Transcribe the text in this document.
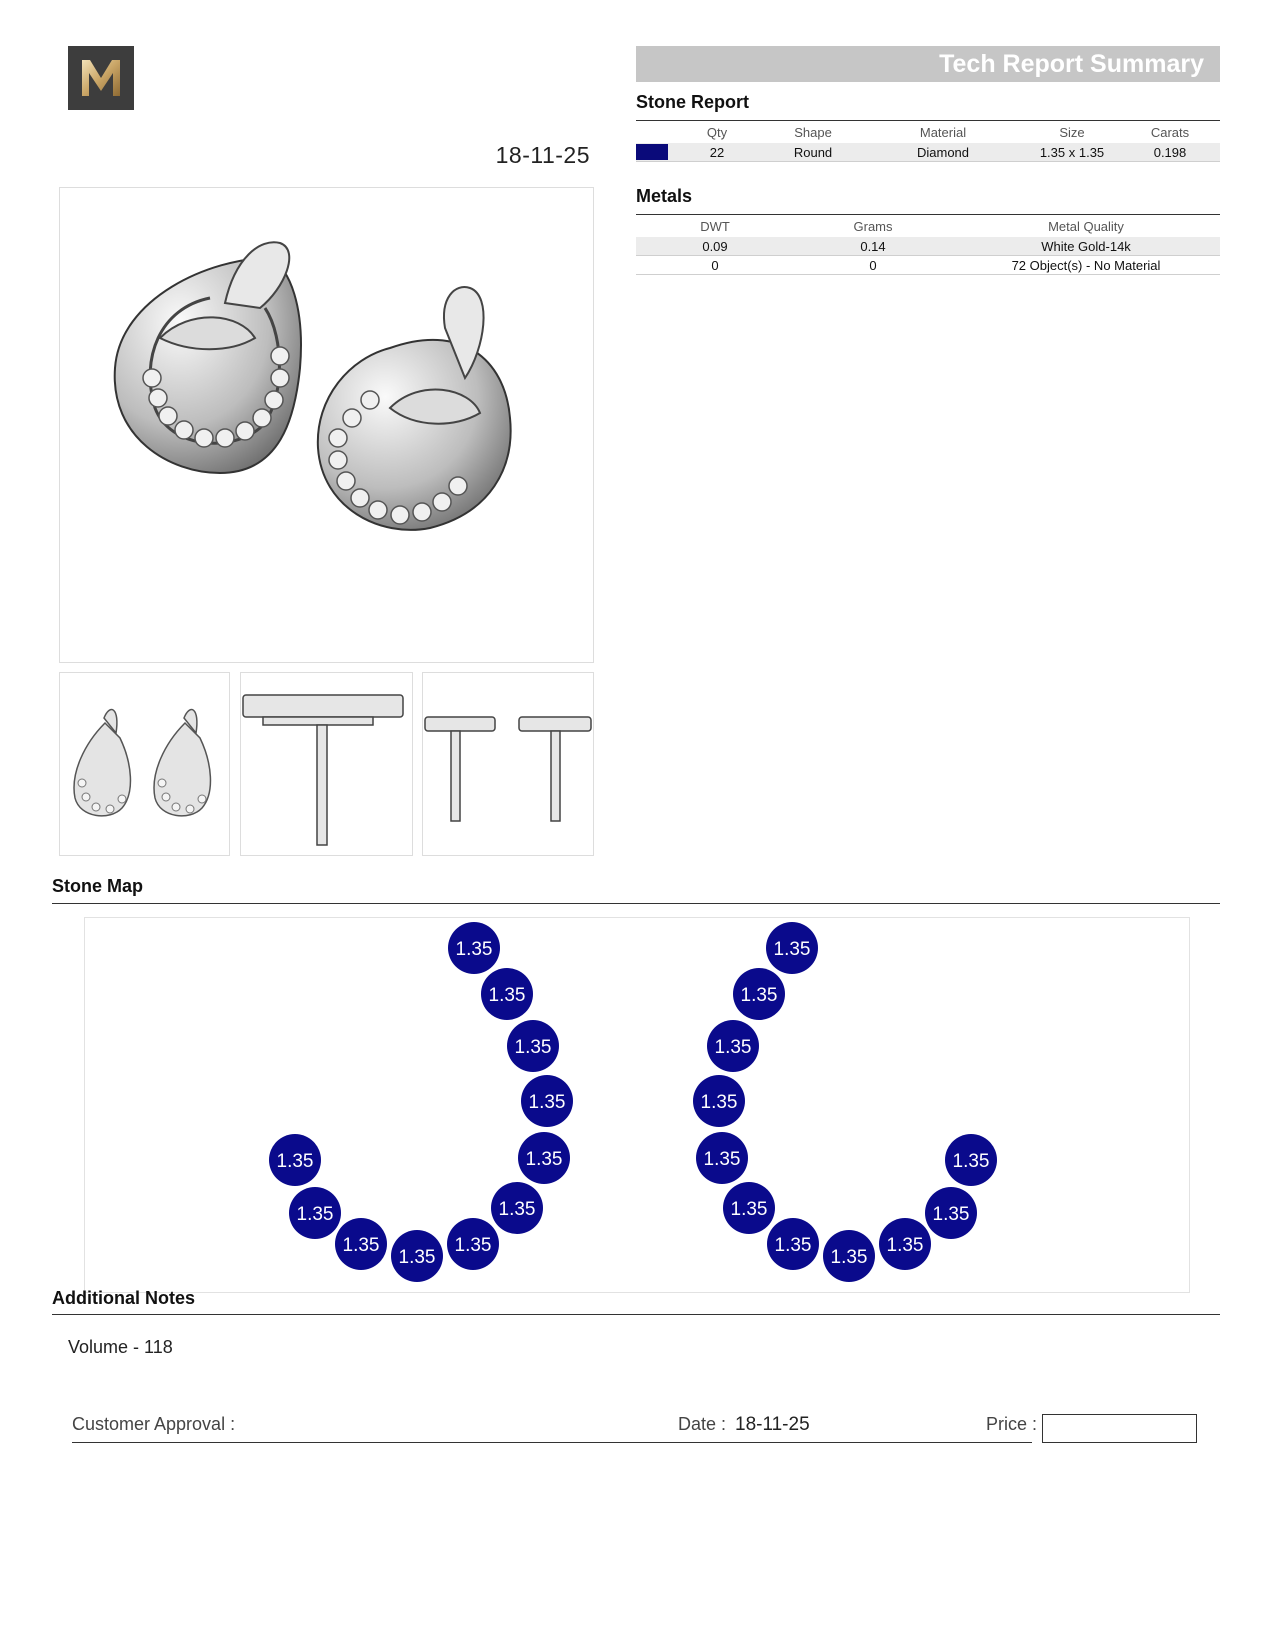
18-11-25
Tech Report Summary
Stone Report
Qty	Shape	Material	Size	Carats
22	Round	Diamond	1.35 x 1.35	0.198
Metals
DWT	Grams	Metal Quality
0.09	0.14	White Gold-14k
0	0	72 Object(s) - No Material
Stone Map
1.35
1.35
1.35
1.35
1.35
1.35
1.35
1.35
1.35
1.35
1.35
1.35
1.35
1.35
1.35
1.35
1.35
1.35
1.35
1.35
1.35
1.35
Additional Notes
Volume - 118
Customer Approval :	Date : 18-11-25	Price :
